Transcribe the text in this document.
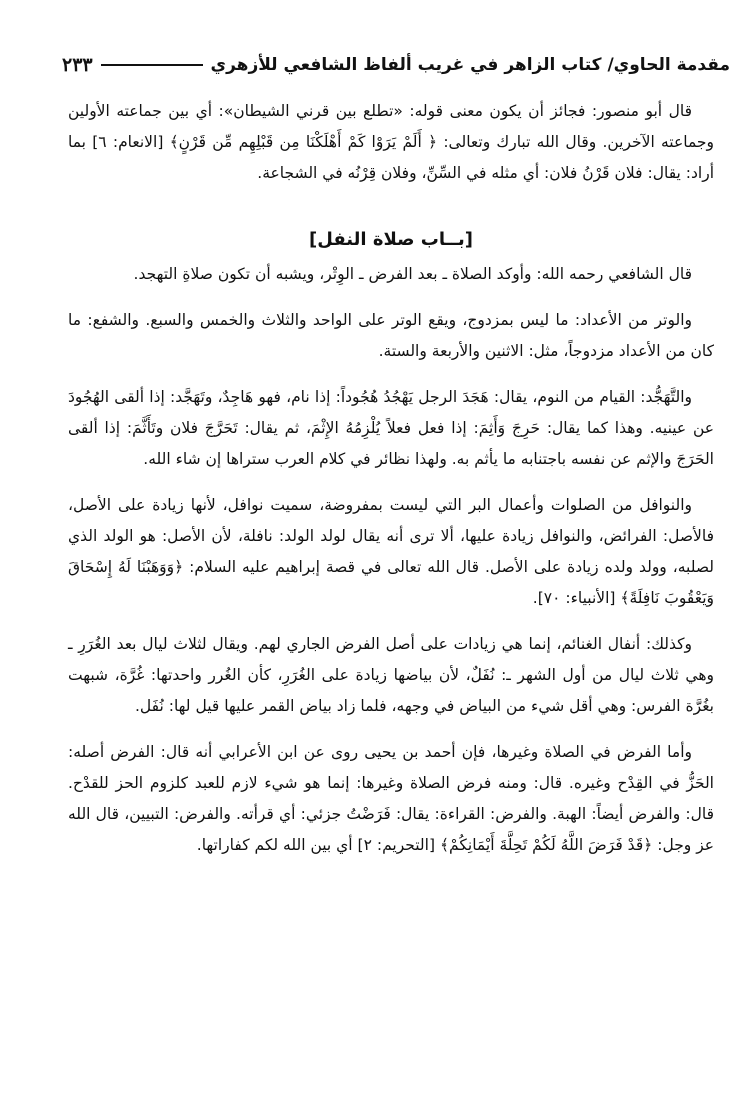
مقدمة الحاوي/ كتاب الزاهر في غريب ألفاظ الشافعي للأزهري
٢٣٣

قال أبو منصور: فجائز أن يكون معنى قوله: «تطلع بين قرني الشيطان»: أي بين جماعته الأولين وجماعته الآخرين. وقال الله تبارك وتعالى: ﴿ أَلَمْ يَرَوْا كَمْ أَهْلَكْنَا مِن قَبْلِهِم مِّن قَرْنٍ﴾ [الانعام: ٦] بما أراد: يقال: فلان قَرْنُ فلان: أي مثله في السِّنِّ، وفلان قِرْنُه في الشجاعة.

[بــاب صلاة النفل]

قال الشافعي رحمه الله: وأوكد الصلاة ـ بعد الفرض ـ الوِتْر، ويشبه أن تكون صلاةِ التهجد.

والوتر من الأعداد: ما ليس بمزدوج، ويقع الوتر على الواحد والثلاث والخمس والسبع. والشفع: ما كان من الأعداد مزدوجاً، مثل: الاثنين والأربعة والستة.

والتَّهَجُّد: القيام من النوم، يقال: هَجَدَ الرجل يَهْجُدُ هُجُوداً: إذا نام، فهو هَاجِدٌ، وتَهَجَّد: إذا ألقى الهُجُودَ عن عينيه. وهذا كما يقال: حَرِجَ وَأَثِمَ: إذا فعل فعلاً يُلْزِمُهُ الإِثْمَ، ثم يقال: تَحَرَّجَ فلان وتَأَثَّمَ: إذا ألقى الحَرَجَ والإثم عن نفسه باجتنابه ما يأثم به. ولهذا نظائر في كلام العرب ستراها إن شاء الله.

والنوافل من الصلوات وأعمال البر التي ليست بمفروضة، سميت نوافل، لأنها زيادة على الأصل، فالأصل: الفرائض، والنوافل زيادة عليها، ألا ترى أنه يقال لولد الولد: نافلة، لأن الأصل: هو الولد الذي لصلبه، وولد ولده زيادة على الأصل. قال الله تعالى في قصة إبراهيم عليه السلام: ﴿وَوَهَبْنَا لَهُ إِسْحَاقَ وَيَعْقُوبَ نَافِلَةً﴾ [الأنبياء: ٧٠].

وكذلك: أنفال الغنائم، إنما هي زيادات على أصل الفرض الجاري لهم. ويقال لثلاث ليال بعد الغُرَرِ ـ وهي ثلاث ليال من أول الشهر ـ: نُفَلٌ، لأن بياضها زيادة على الغُرَرِ، كأن الغُرر واحدتها: غُرَّة، شبهت بغُرَّة الفرس: وهي أقل شيء من البياض في وجهه، فلما زاد بياض القمر عليها قيل لها: نُفَل.

وأما الفرض في الصلاة وغيرها، فإن أحمد بن يحيى روى عن ابن الأعرابي أنه قال: الفرض أصله: الحَزُّ في القِدْح وغيره. قال: ومنه فرض الصلاة وغيرها: إنما هو شيء لازم للعبد كلزوم الحز للقدْح. قال: والفرض أيضاً: الهبة. والفرض: القراءة: يقال: فَرَضْتُ جزئي: أي قرأته. والفرض: التبيين، قال الله عز وجل: ﴿قَدْ فَرَضَ اللَّهُ لَكُمْ تَحِلَّةَ أَيْمَانِكُمْ﴾ [التحريم: ٢] أي بين الله لكم كفاراتها.
